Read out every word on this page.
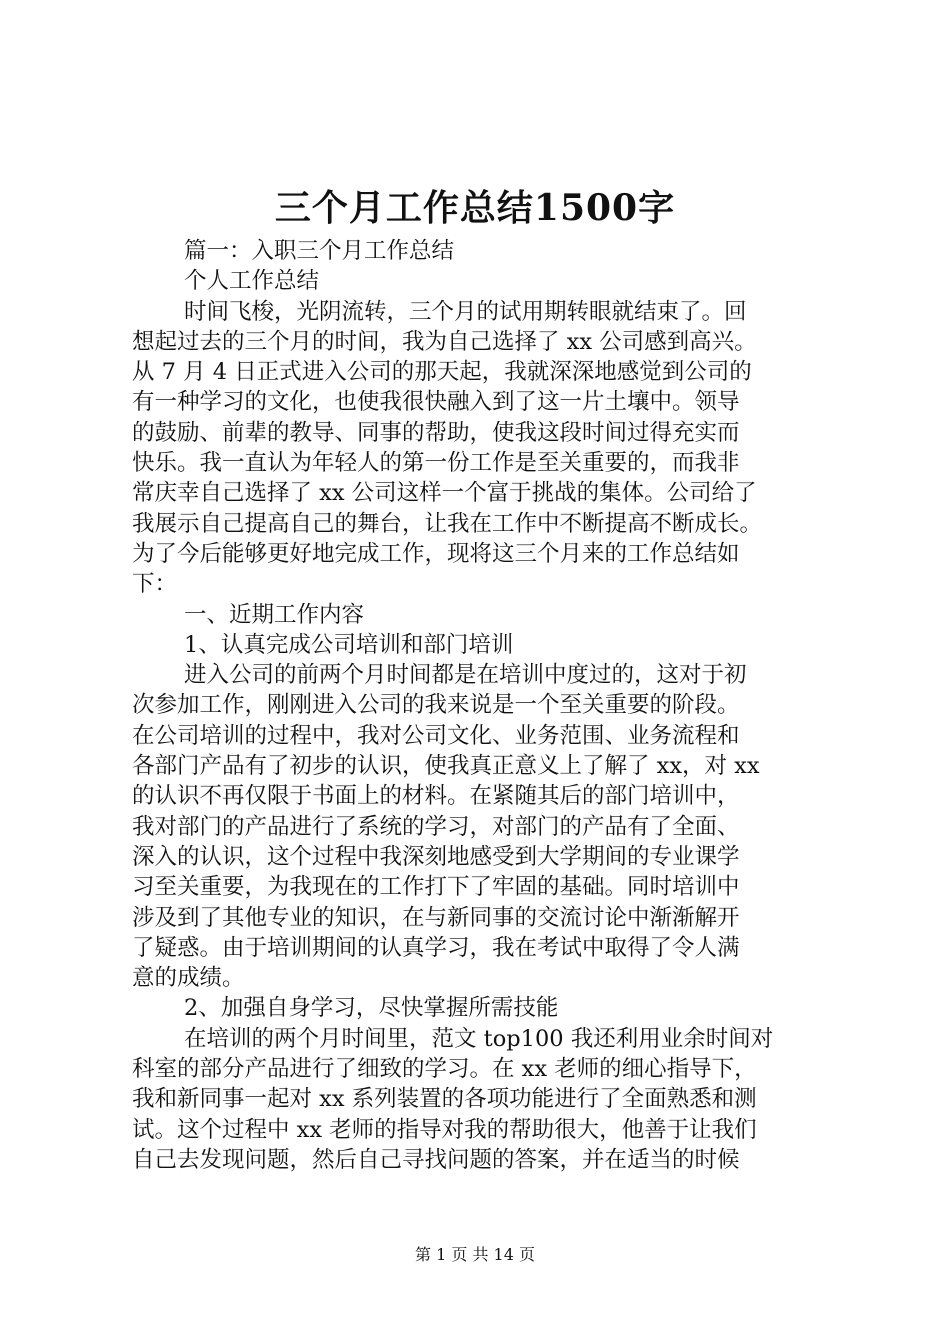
三个月工作总结1500字
篇一：入职三个月工作总结
个人工作总结
时间飞梭，光阴流转，三个月的试用期转眼就结束了。回
想起过去的三个月的时间，我为自己选择了 xx 公司感到高兴。
从 7 月 4 日正式进入公司的那天起，我就深深地感觉到公司的
有一种学习的文化，也使我很快融入到了这一片土壤中。领导
的鼓励、前辈的教导、同事的帮助，使我这段时间过得充实而
快乐。我一直认为年轻人的第一份工作是至关重要的，而我非
常庆幸自己选择了 xx 公司这样一个富于挑战的集体。公司给了
我展示自己提高自己的舞台，让我在工作中不断提高不断成长。
为了今后能够更好地完成工作，现将这三个月来的工作总结如
下：
一、近期工作内容
1、认真完成公司培训和部门培训
进入公司的前两个月时间都是在培训中度过的，这对于初
次参加工作，刚刚进入公司的我来说是一个至关重要的阶段。
在公司培训的过程中，我对公司文化、业务范围、业务流程和
各部门产品有了初步的认识，使我真正意义上了解了 xx，对 xx
的认识不再仅限于书面上的材料。在紧随其后的部门培训中，
我对部门的产品进行了系统的学习，对部门的产品有了全面、
深入的认识，这个过程中我深刻地感受到大学期间的专业课学
习至关重要，为我现在的工作打下了牢固的基础。同时培训中
涉及到了其他专业的知识，在与新同事的交流讨论中渐渐解开
了疑惑。由于培训期间的认真学习，我在考试中取得了令人满
意的成绩。
2、加强自身学习，尽快掌握所需技能
在培训的两个月时间里，范文 top100 我还利用业余时间对
科室的部分产品进行了细致的学习。在 xx 老师的细心指导下，
我和新同事一起对 xx 系列装置的各项功能进行了全面熟悉和测
试。这个过程中 xx 老师的指导对我的帮助很大，他善于让我们
自己去发现问题，然后自己寻找问题的答案，并在适当的时候
第 1 页 共 14 页
